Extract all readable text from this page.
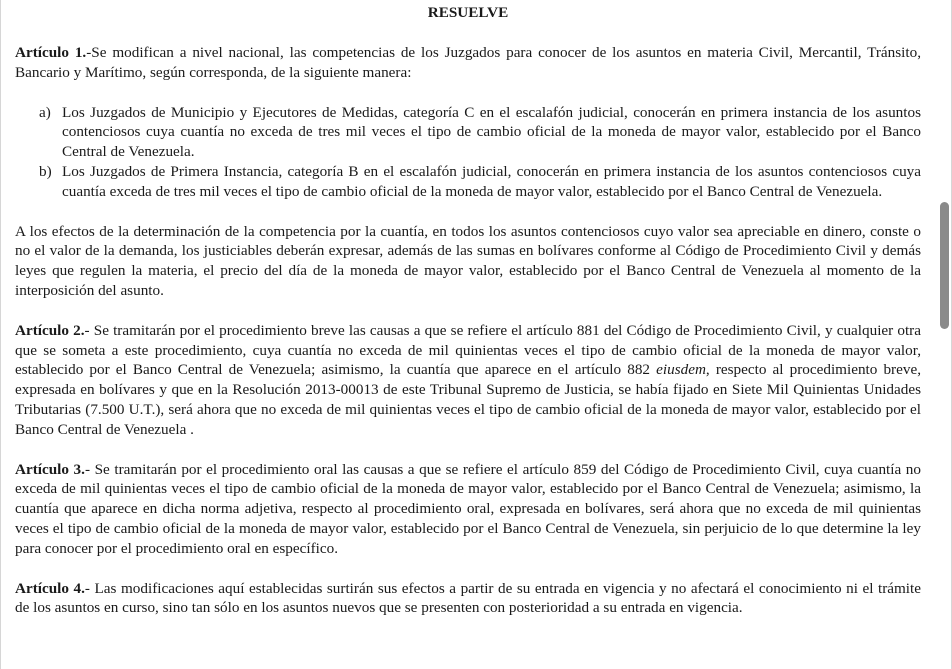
RESUELVE

Artículo 1.-Se modifican a nivel nacional, las competencias de los Juzgados para conocer de los asuntos en materia Civil, Mercantil, Tránsito, Bancario y Marítimo, según corresponda, de la siguiente manera:

a) Los Juzgados de Municipio y Ejecutores de Medidas, categoría C en el escalafón judicial, conocerán en primera instancia de los asuntos contenciosos cuya cuantía no exceda de tres mil veces el tipo de cambio oficial de la moneda de mayor valor, establecido por el Banco Central de Venezuela.
b) Los Juzgados de Primera Instancia, categoría B en el escalafón judicial, conocerán en primera instancia de los asuntos contenciosos cuya cuantía exceda de tres mil veces el tipo de cambio oficial de la moneda de mayor valor, establecido por el Banco Central de Venezuela.

A los efectos de la determinación de la competencia por la cuantía, en todos los asuntos contenciosos cuyo valor sea apreciable en dinero, conste o no el valor de la demanda, los justiciables deberán expresar, además de las sumas en bolívares conforme al Código de Procedimiento Civil y demás leyes que regulen la materia, el precio del día de la moneda de mayor valor, establecido por el Banco Central de Venezuela al momento de la interposición del asunto.

Artículo 2.- Se tramitarán por el procedimiento breve las causas a que se refiere el artículo 881 del Código de Procedimiento Civil, y cualquier otra que se someta a este procedimiento, cuya cuantía no exceda de mil quinientas veces el tipo de cambio oficial de la moneda de mayor valor, establecido por el Banco Central de Venezuela; asimismo, la cuantía que aparece en el artículo 882 eiusdem, respecto al procedimiento breve, expresada en bolívares y que en la Resolución 2013-00013 de este Tribunal Supremo de Justicia, se había fijado en Siete Mil Quinientas Unidades Tributarias (7.500 U.T.), será ahora que no exceda de mil quinientas veces el tipo de cambio oficial de la moneda de mayor valor, establecido por el Banco Central de Venezuela .

Artículo 3.- Se tramitarán por el procedimiento oral las causas a que se refiere el artículo 859 del Código de Procedimiento Civil, cuya cuantía no exceda de mil quinientas veces el tipo de cambio oficial de la moneda de mayor valor, establecido por el Banco Central de Venezuela; asimismo, la cuantía que aparece en dicha norma adjetiva, respecto al procedimiento oral, expresada en bolívares, será ahora que no exceda de mil quinientas veces el tipo de cambio oficial de la moneda de mayor valor, establecido por el Banco Central de Venezuela, sin perjuicio de lo que determine la ley para conocer por el procedimiento oral en específico.

Artículo 4.- Las modificaciones aquí establecidas surtirán sus efectos a partir de su entrada en vigencia y no afectará el conocimiento ni el trámite de los asuntos en curso, sino tan sólo en los asuntos nuevos que se presenten con posterioridad a su entrada en vigencia.
